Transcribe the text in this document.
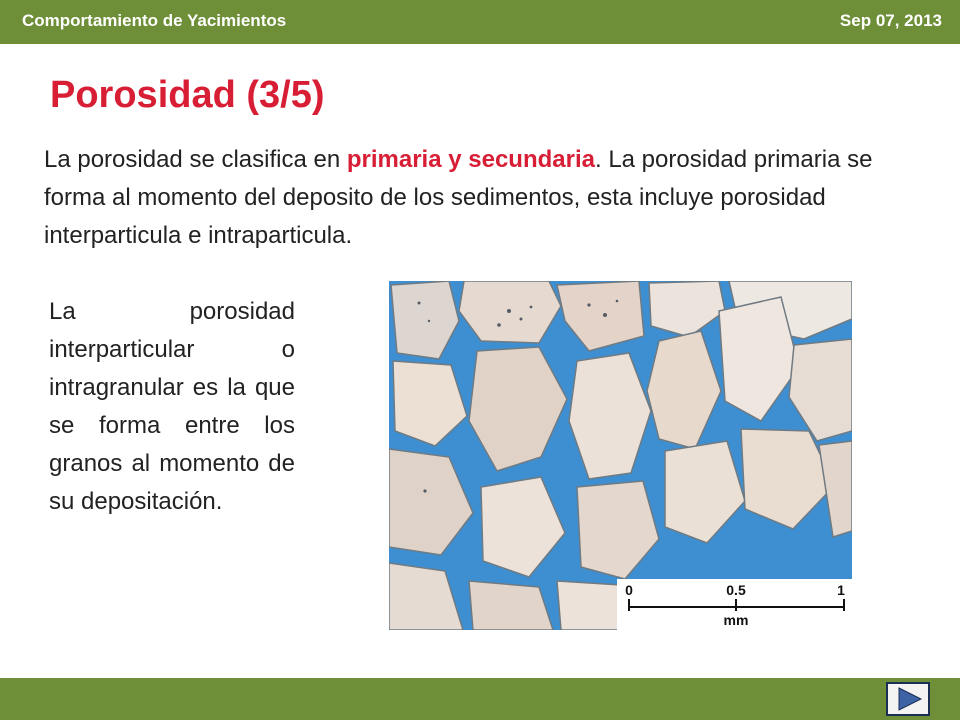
Comportamiento de Yacimientos	Sep 07, 2013
Porosidad (3/5)

La porosidad se clasifica en primaria y secundaria. La porosidad primaria se forma al momento del deposito de los sedimentos, esta incluye porosidad interparticula e intraparticula.

La porosidad interparticular o intragranular es la que se forma entre los granos al momento de su depositación.

0	0.5	1
mm
